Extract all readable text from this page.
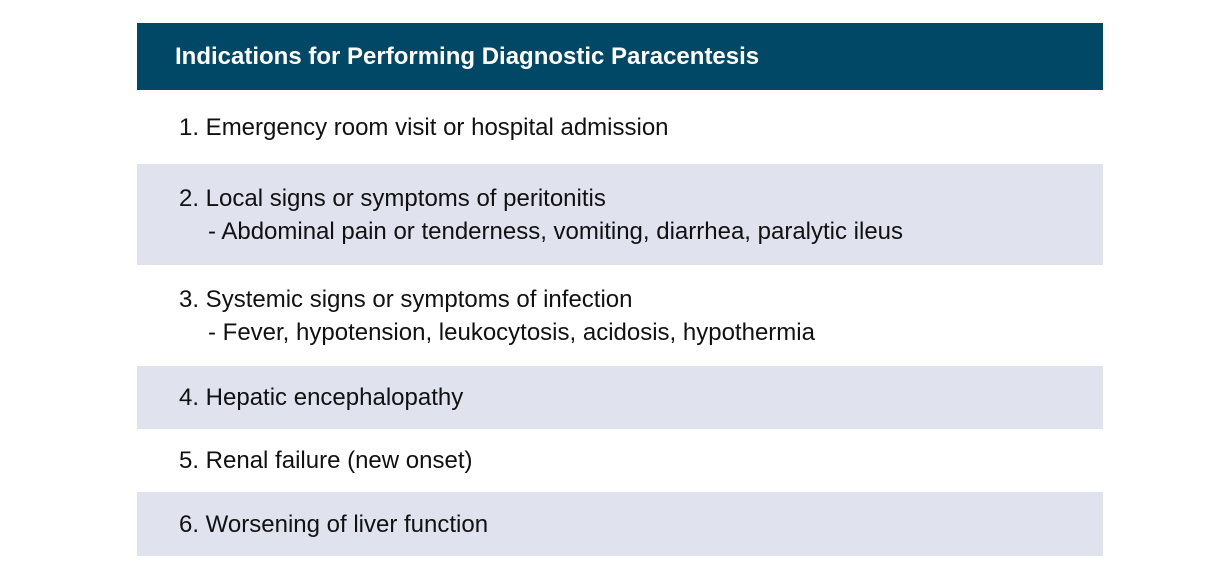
Indications for Performing Diagnostic Paracentesis
1. Emergency room visit or hospital admission
2. Local signs or symptoms of peritonitis
- Abdominal pain or tenderness, vomiting, diarrhea, paralytic ileus
3. Systemic signs or symptoms of infection
- Fever, hypotension, leukocytosis, acidosis, hypothermia
4. Hepatic encephalopathy
5. Renal failure (new onset)
6. Worsening of liver function
